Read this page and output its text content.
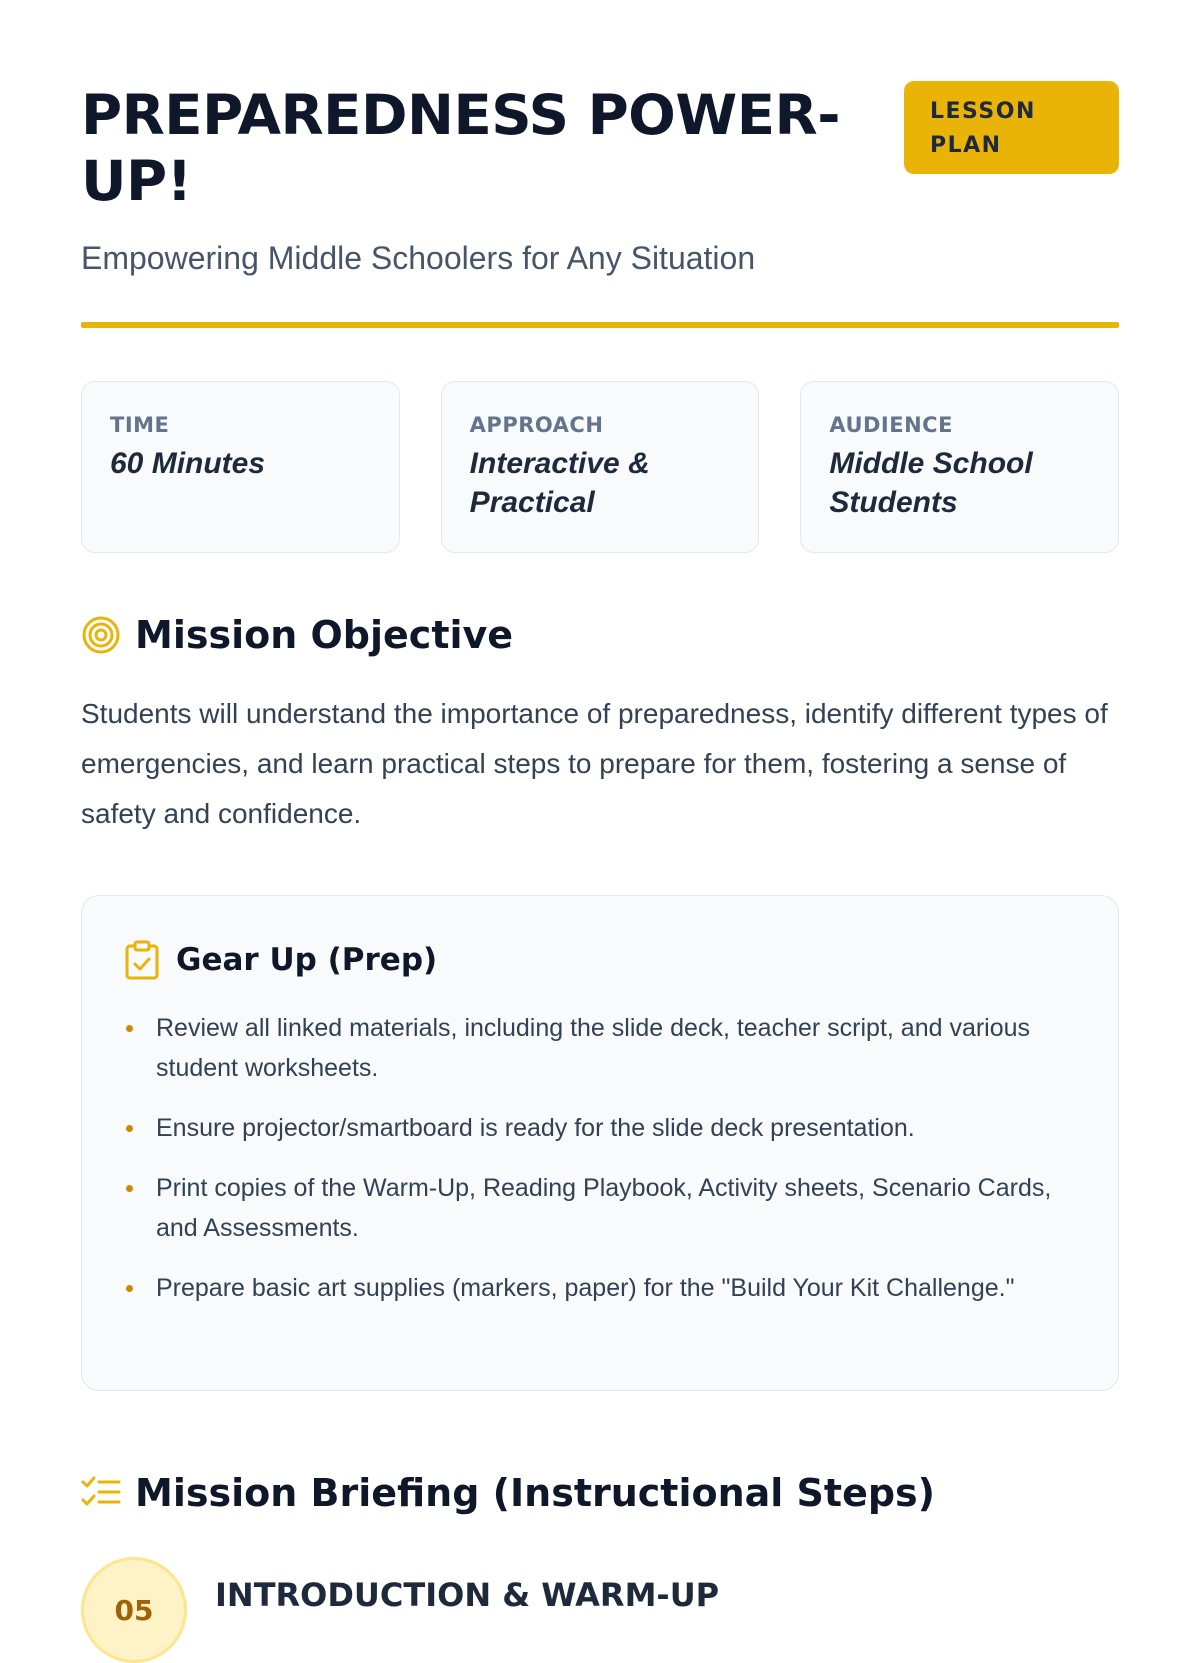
PREPAREDNESS POWER-UP!
LESSON PLAN

Empowering Middle Schoolers for Any Situation

TIME
60 Minutes
APPROACH
Interactive & Practical
AUDIENCE
Middle School Students
Mission Objective

Students will understand the importance of preparedness, identify different types of emergencies, and learn practical steps to prepare for them, fostering a sense of safety and confidence.

Gear Up (Prep)
Review all linked materials, including the slide deck, teacher script, and various student worksheets.
Ensure projector/smartboard is ready for the slide deck presentation.
Print copies of the Warm-Up, Reading Playbook, Activity sheets, Scenario Cards, and Assessments.
Prepare basic art supplies (markers, paper) for the "Build Your Kit Challenge."
Mission Briefing (Instructional Steps)
05	INTRODUCTION & WARM-UP
